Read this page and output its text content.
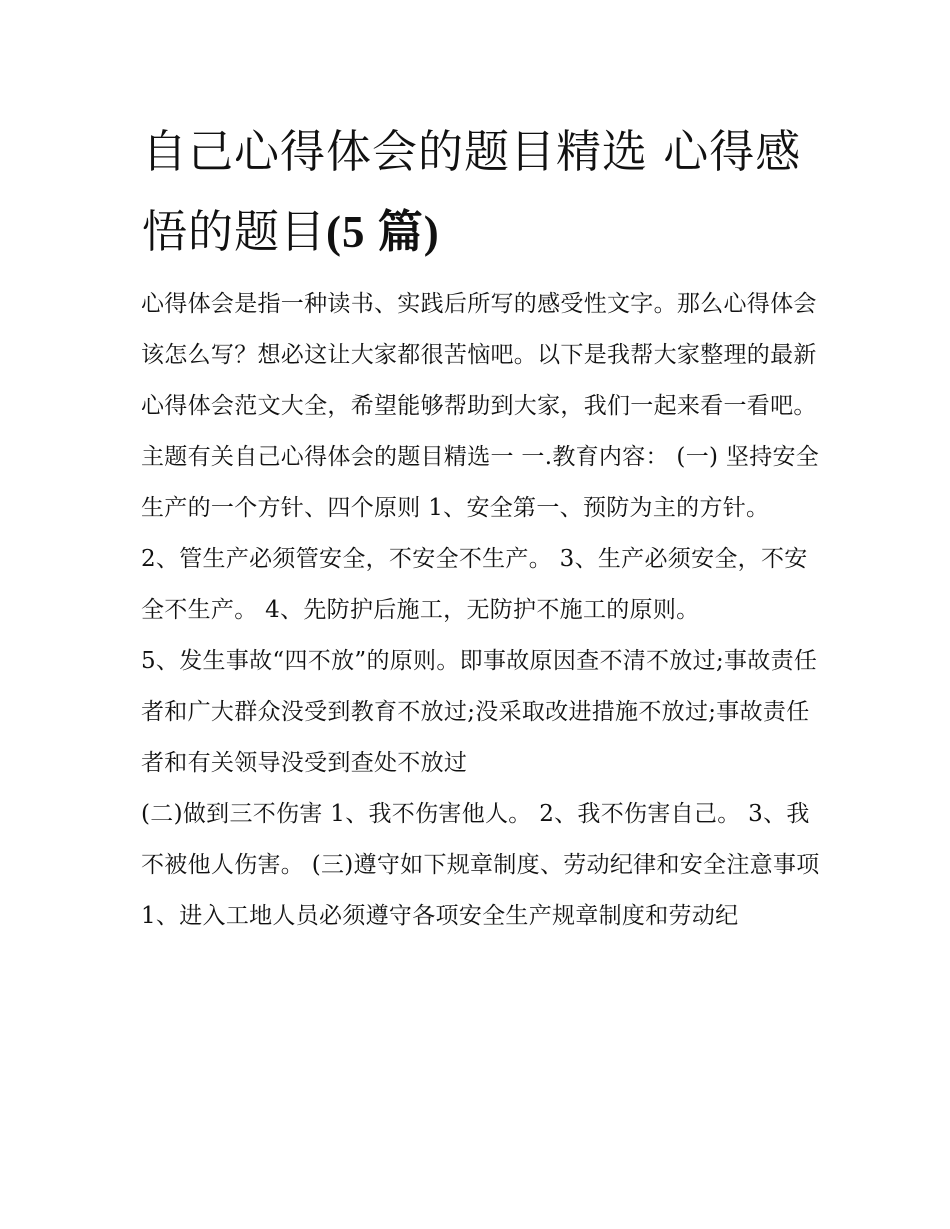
自己心得体会的题目精选 心得感悟的题目(5 篇)

心得体会是指一种读书、实践后所写的感受性文字。那么心得体会该怎么写？想必这让大家都很苦恼吧。以下是我帮大家整理的最新心得体会范文大全，希望能够帮助到大家，我们一起来看一看吧。

主题有关自己心得体会的题目精选一 一.教育内容： (一) 坚持安全生产的一个方针、四个原则 1、安全第一、预防为主的方针。

2、管生产必须管安全，不安全不生产。 3、生产必须安全，不安全不生产。 4、先防护后施工，无防护不施工的原则。

5、发生事故“四不放”的原则。即事故原因查不清不放过;事故责任者和广大群众没受到教育不放过;没采取改进措施不放过;事故责任者和有关领导没受到查处不放过

(二)做到三不伤害 1、我不伤害他人。 2、我不伤害自己。 3、我不被他人伤害。 (三)遵守如下规章制度、劳动纪律和安全注意事项

1、进入工地人员必须遵守各项安全生产规章制度和劳动纪
